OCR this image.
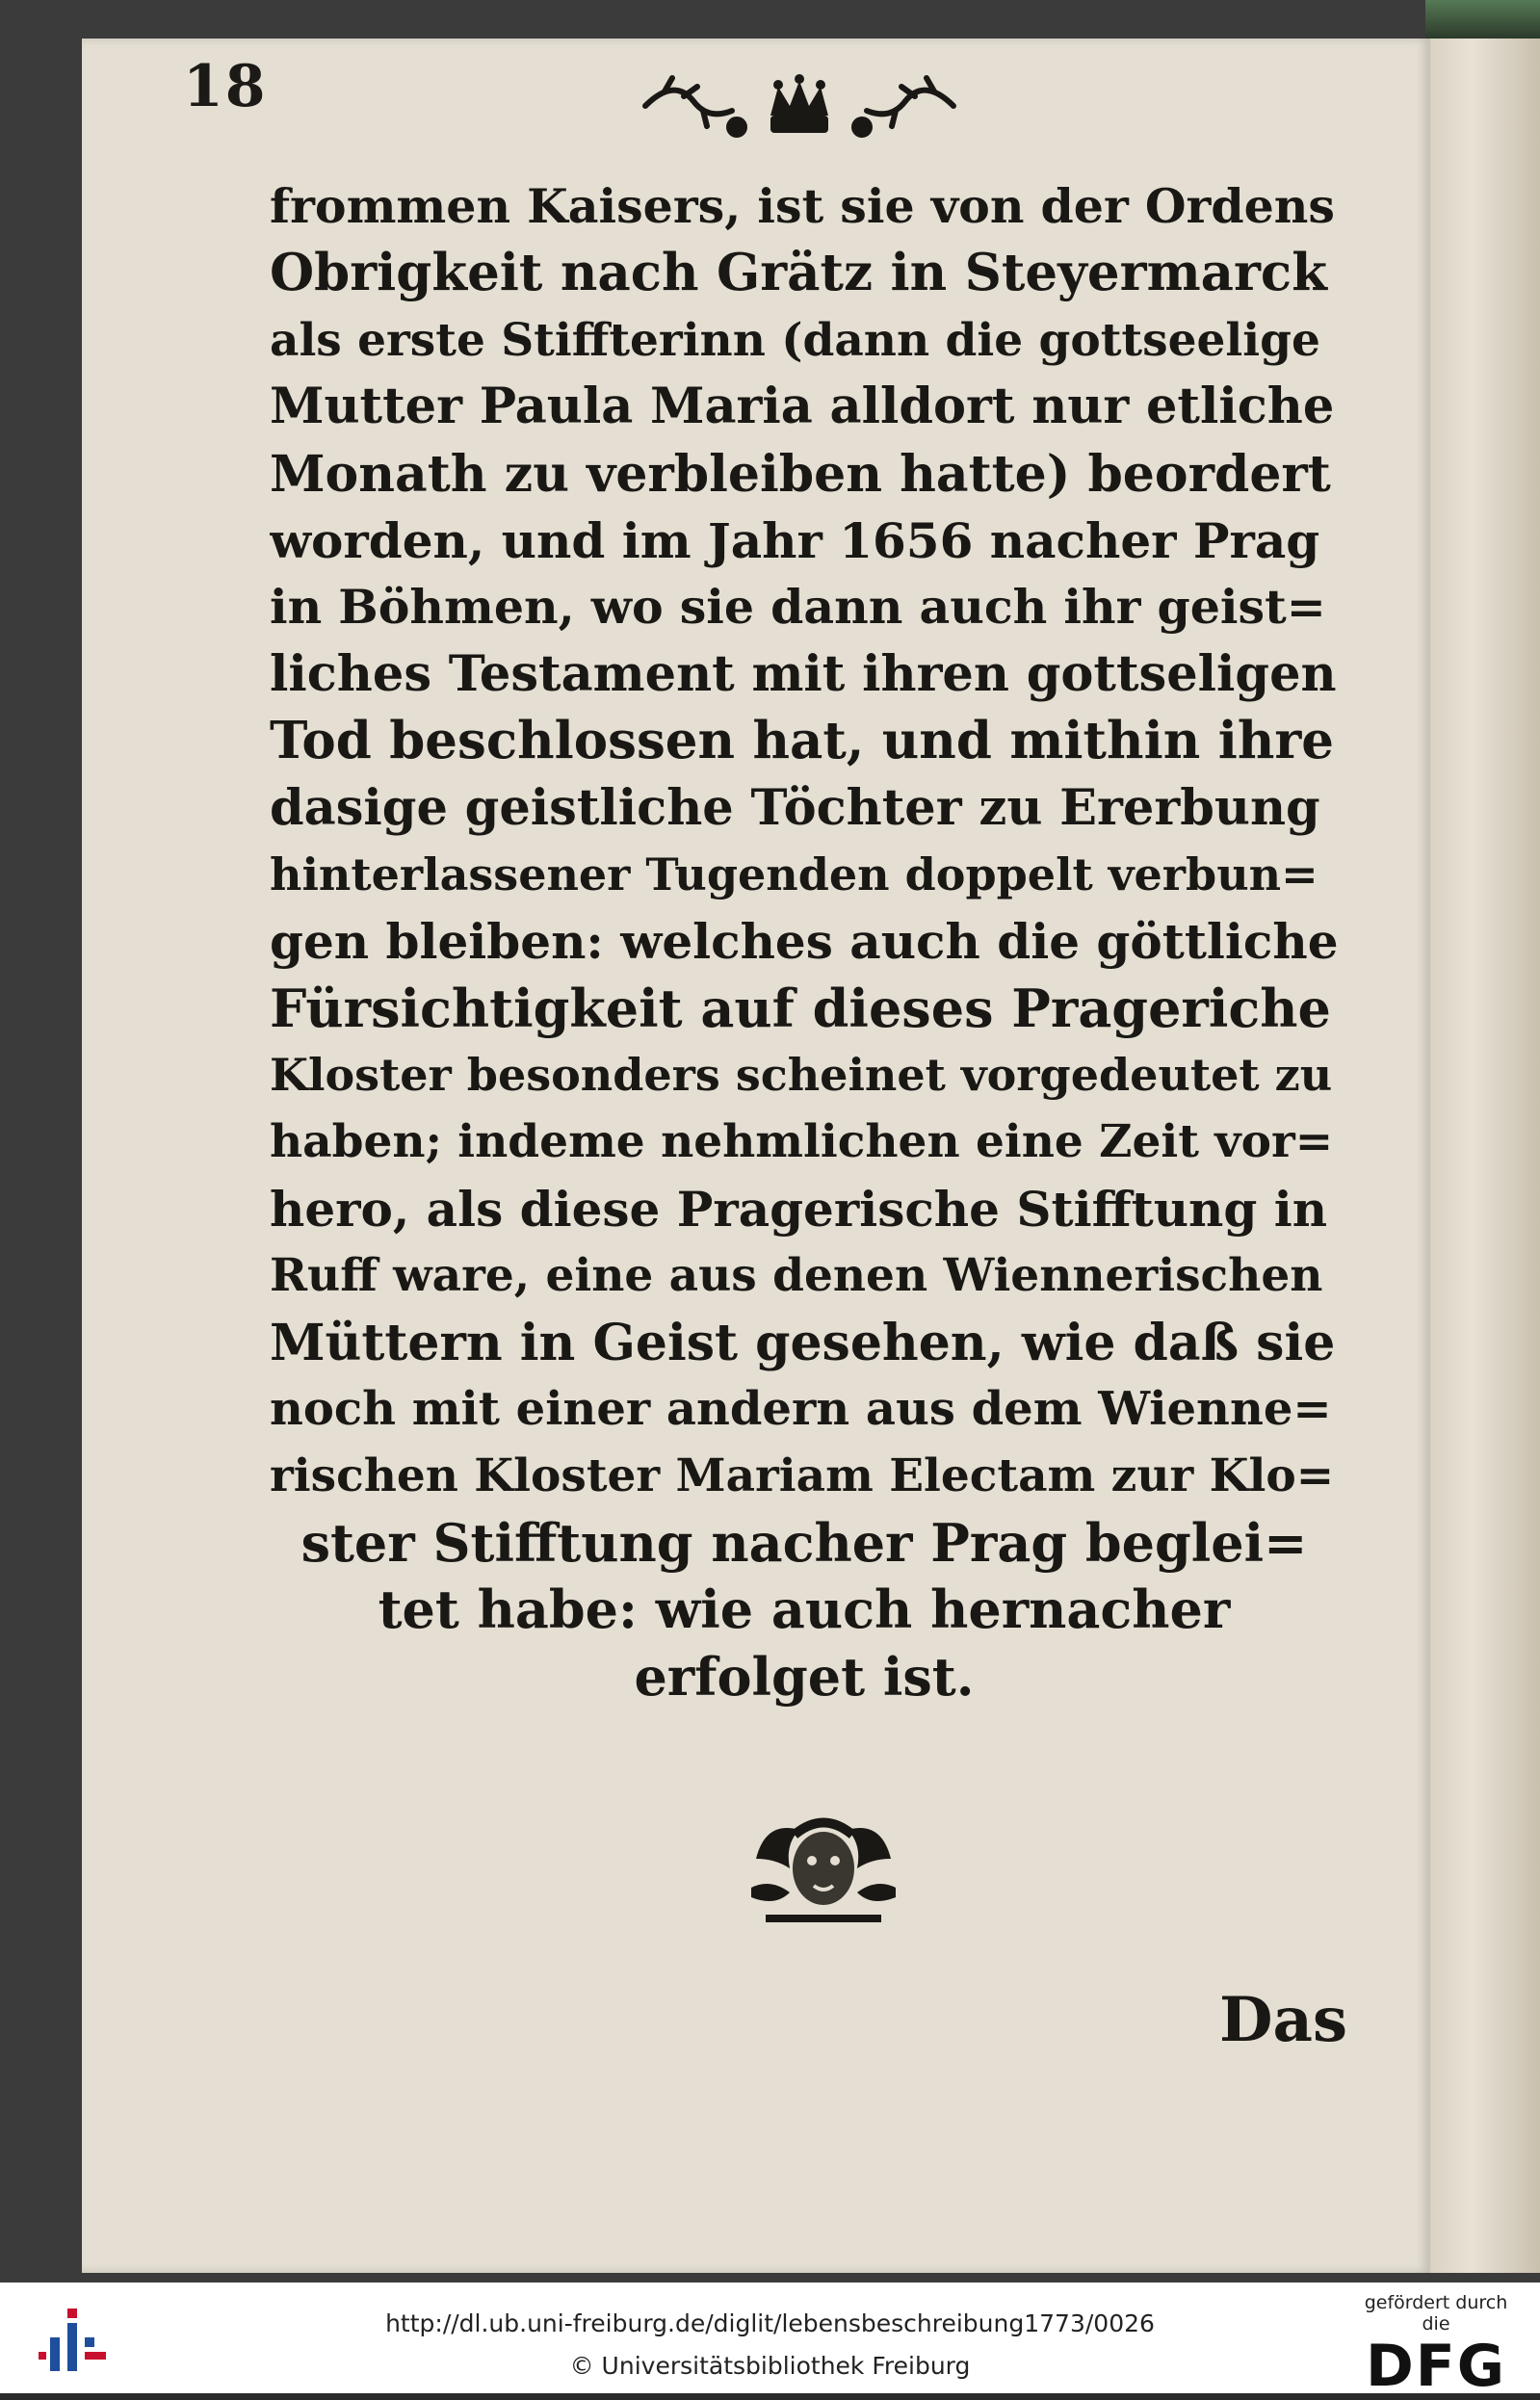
18
frommen Kaisers, ist sie von der Ordens
Obrigkeit nach Grätz in Steyermarck
als erste Stiffterinn (dann die gottseelige
Mutter Paula Maria alldort nur etliche
Monath zu verbleiben hatte) beordert
worden, und im Jahr 1656 nacher Prag
in Böhmen, wo sie dann auch ihr geist=
liches Testament mit ihren gottseligen
Tod beschlossen hat, und mithin ihre
dasige geistliche Töchter zu Ererbung
hinterlassener Tugenden doppelt verbun=
gen bleiben: welches auch die göttliche
Fürsichtigkeit auf dieses Prageriche
Kloster besonders scheinet vorgedeutet zu
haben; indeme nehmlichen eine Zeit vor=
hero, als diese Pragerische Stifftung in
Ruff ware, eine aus denen Wiennerischen
Müttern in Geist gesehen, wie daß sie
noch mit einer andern aus dem Wienne=
rischen Kloster Mariam Electam zur Klo=
ster Stifftung nacher Prag beglei=
tet habe: wie auch hernacher
erfolget ist.
Das
http://dl.ub.uni-freiburg.de/diglit/lebensbeschreibung1773/0026
© Universitätsbibliothek Freiburg
gefördert durch die
DFG
